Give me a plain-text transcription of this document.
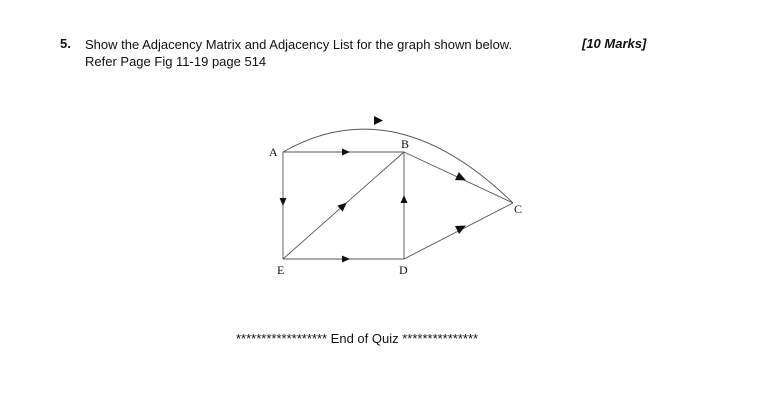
5. Show the Adjacency Matrix and Adjacency List for the graph shown below.
Refer Page Fig 11-19 page 514
[10 Marks]
A
B
C
D
E
****************** End of Quiz ***************
